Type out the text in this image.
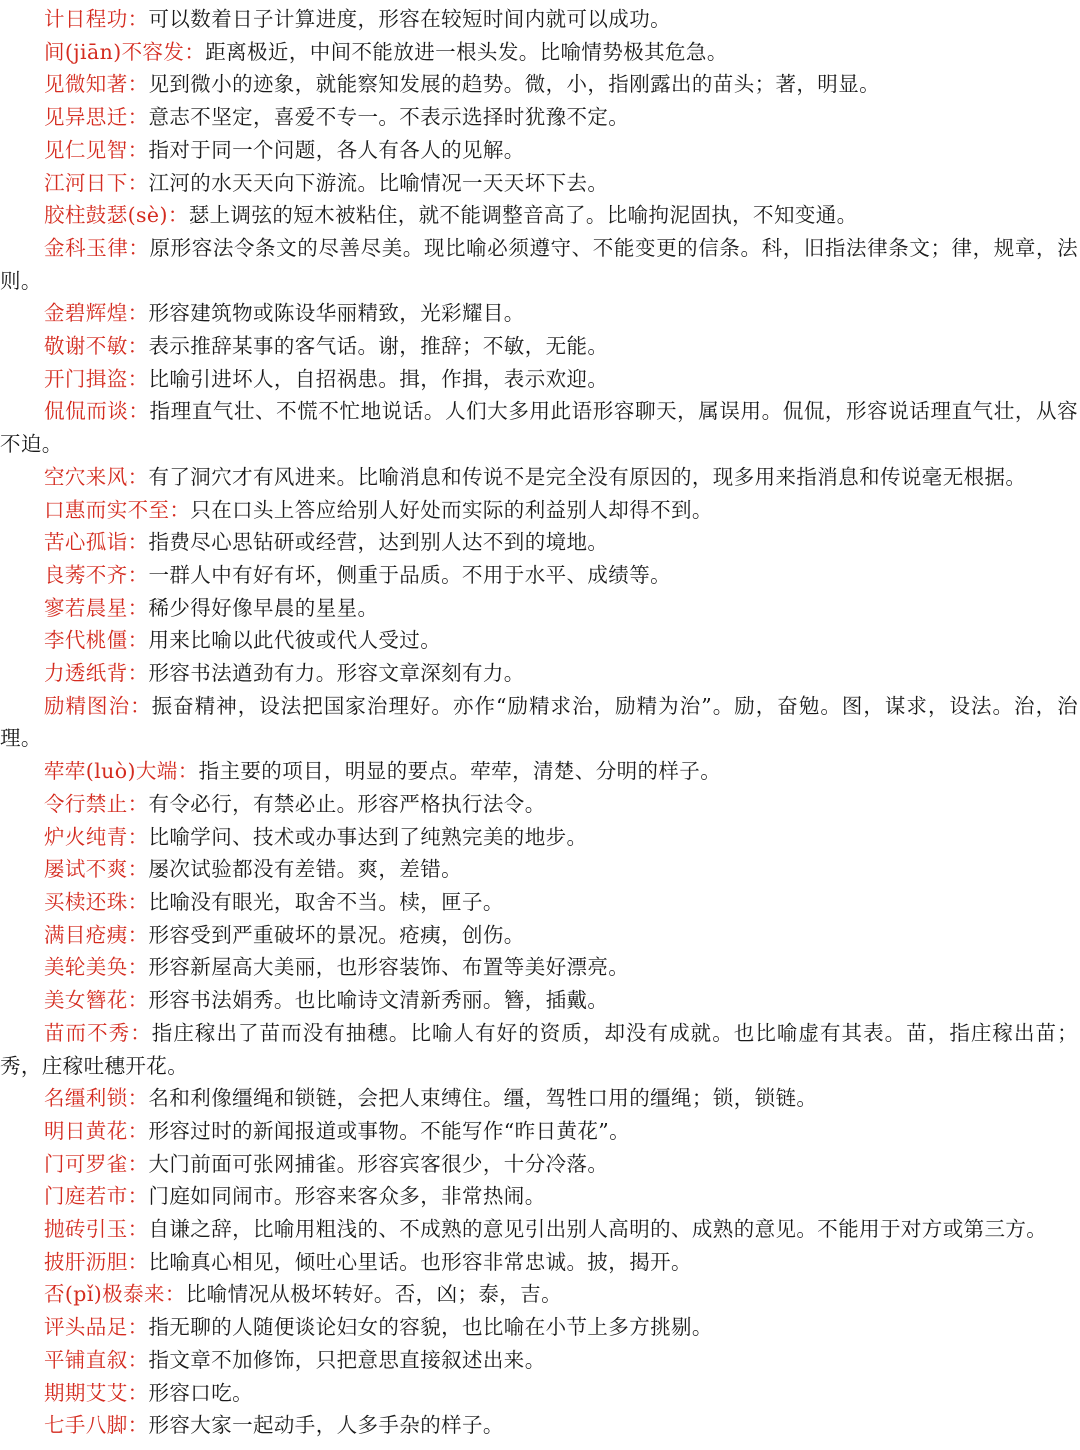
计日程功：可以数着日子计算进度，形容在较短时间内就可以成功。

间(jiān)不容发：距离极近，中间不能放进一根头发。比喻情势极其危急。

见微知著：见到微小的迹象，就能察知发展的趋势。微，小，指刚露出的苗头；著，明显。

见异思迁：意志不坚定，喜爱不专一。不表示选择时犹豫不定。

见仁见智：指对于同一个问题，各人有各人的见解。

江河日下：江河的水天天向下游流。比喻情况一天天坏下去。

胶柱鼓瑟(sè)：瑟上调弦的短木被粘住，就不能调整音高了。比喻拘泥固执，不知变通。

金科玉律：原形容法令条文的尽善尽美。现比喻必须遵守、不能变更的信条。科，旧指法律条文；律，规章，法则。

金碧辉煌：形容建筑物或陈设华丽精致，光彩耀目。

敬谢不敏：表示推辞某事的客气话。谢，推辞；不敏，无能。

开门揖盗：比喻引进坏人，自招祸患。揖，作揖，表示欢迎。

侃侃而谈：指理直气壮、不慌不忙地说话。人们大多用此语形容聊天，属误用。侃侃，形容说话理直气壮，从容不迫。

空穴来风：有了洞穴才有风进来。比喻消息和传说不是完全没有原因的，现多用来指消息和传说毫无根据。

口惠而实不至：只在口头上答应给别人好处而实际的利益别人却得不到。

苦心孤诣：指费尽心思钻研或经营，达到别人达不到的境地。

良莠不齐：一群人中有好有坏，侧重于品质。不用于水平、成绩等。

寥若晨星：稀少得好像早晨的星星。

李代桃僵：用来比喻以此代彼或代人受过。

力透纸背：形容书法遒劲有力。形容文章深刻有力。

励精图治：振奋精神，设法把国家治理好。亦作“励精求治，励精为治”。励，奋勉。图，谋求，设法。治，治理。

荦荦(luò)大端：指主要的项目，明显的要点。荦荦，清楚、分明的样子。

令行禁止：有令必行，有禁必止。形容严格执行法令。

炉火纯青：比喻学问、技术或办事达到了纯熟完美的地步。

屡试不爽：屡次试验都没有差错。爽，差错。

买椟还珠：比喻没有眼光，取舍不当。椟，匣子。

满目疮痍：形容受到严重破坏的景况。疮痍，创伤。

美轮美奂：形容新屋高大美丽，也形容装饰、布置等美好漂亮。

美女簪花：形容书法娟秀。也比喻诗文清新秀丽。簪，插戴。

苗而不秀：指庄稼出了苗而没有抽穗。比喻人有好的资质，却没有成就。也比喻虚有其表。苗，指庄稼出苗；秀，庄稼吐穗开花。

名缰利锁：名和利像缰绳和锁链，会把人束缚住。缰，驾牲口用的缰绳；锁，锁链。

明日黄花：形容过时的新闻报道或事物。不能写作“昨日黄花”。

门可罗雀：大门前面可张网捕雀。形容宾客很少，十分冷落。

门庭若市：门庭如同闹市。形容来客众多，非常热闹。

抛砖引玉：自谦之辞，比喻用粗浅的、不成熟的意见引出别人高明的、成熟的意见。不能用于对方或第三方。

披肝沥胆：比喻真心相见，倾吐心里话。也形容非常忠诚。披，揭开。

否(pǐ)极泰来：比喻情况从极坏转好。否，凶；泰，吉。

评头品足：指无聊的人随便谈论妇女的容貌，也比喻在小节上多方挑剔。

平铺直叙：指文章不加修饰，只把意思直接叙述出来。

期期艾艾：形容口吃。

七手八脚：形容大家一起动手，人多手杂的样子。
